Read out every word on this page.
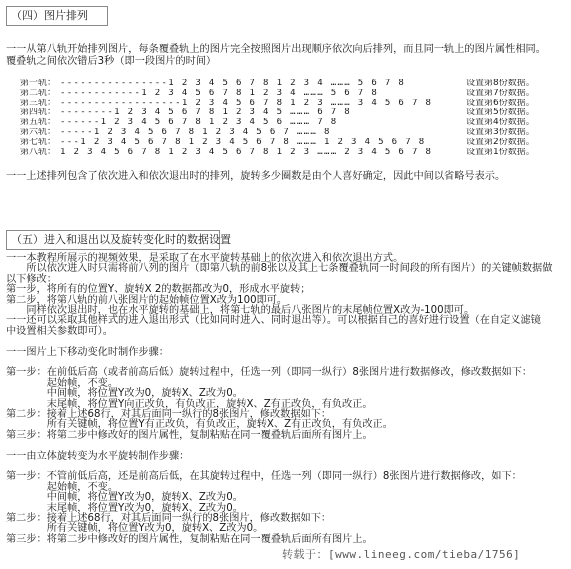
（四）图片排列
一一从第八轨开始排列图片，每条覆叠轨上的图片完全按照图片出现顺序依次向后排列，而且同一轨上的图片属性相同。
覆叠轨之间依次错后3秒（即一段图片的时间）
第一轨： ----------------1 2 3 4 5 6 7 8 1 2 3 4 ……… 5 6 7 8	设置第8份数据。
第二轨： ------------1 2 3 4 5 6 7 8 1 2 3 4 ……… 5 6 7 8	设置第7份数据。
第三轨： ------------------1 2 3 4 5 6 7 8 1 2 3 ……… 3 4 5 6 7 8	设置第6份数据。
第四轨： --------1 2 3 4 5 6 7 8 1 2 3 4 5 ……… 6 7 8	设置第5份数据。
第五轨： ------1 2 3 4 5 6 7 8 1 2 3 4 5 6 ……… 7 8	设置第4份数据。
第六轨： -----1 2 3 4 5 6 7 8 1 2 3 4 5 6 7 ……… 8	设置第3份数据。
第七轨： ---1 2 3 4 5 6 7 8 1 2 3 4 5 6 7 8 ……… 1 2 3 4 5 6 7 8	设置第2份数据。
第八轨： 1 2 3 4 5 6 7 8 1 2 3 4 5 6 7 8 1 2 3 ……… 2 3 4 5 6 7 8	设置第1份数据。
一一上述排列包含了依次进入和依次退出时的排列，旋转多少圈数是由个人喜好确定，因此中间以省略号表示。
（五）进入和退出以及旋转变化时的数据设置
一一本教程所展示的视频效果，是采取了在水平旋转基础上的依次进入和依次退出方式。
　　所以依次进入时只需将前八列的图片（即第八轨的前8张以及其上七条覆叠轨同一时间段的所有图片）的关键帧数据做
以下修改：
第一步，将所有的位置Y、旋转X 2的数据都改为0，形成水平旋转；
第二步，将第八轨的前八张图片的起始帧位置X改为100即可。
　　同样依次退出时，也在水平旋转的基础上，将第七轨的最后八张图片的末尾帧位置X改为-100即可。
一一还可以采取其他样式的进入退出形式（比如同时进入、同时退出等）。可以根据自己的喜好进行设置（在自定义滤镜
中设置相关参数即可）。
一一图片上下移动变化时制作步骤：
第一步：在前低后高（或者前高后低）旋转过程中，任选一列（即同一纵行）8张图片进行数据修改，修改数据如下：
　　　　起始帧，不变。
　　　　中间帧，将位置Y改为0，旋转X、Z改为0。
　　　　末尾帧，将位置Y向正改负，有负改正，旋转X、Z有正改负，有负改正。
第二步：接着上述68行，对其后面同一纵行的8张图片，修改数据如下：
　　　　所有关键帧，将位置Y有正改负，有负改正，旋转X、Z有正改负，有负改正。
第三步：将第二步中修改好的图片属性，复制粘贴在同一覆叠轨后面所有图片上。
一一由立体旋转变为水平旋转制作步骤：
第一步：不管前低后高，还是前高后低，在其旋转过程中，任选一列（即同一纵行）8张图片进行数据修改，如下：
　　　　起始帧，不变。
　　　　中间帧，将位置Y改为0，旋转X、Z改为0。
　　　　末尾帧，将位置Y改为0，旋转X、Z改为0。
第二步：接着上述68行，对其后面同一纵行的8张图片，修改数据如下：
　　　　所有关键帧，将位置Y改为0，旋转X、Z改为0。
第三步：将第二步中修改好的图片属性，复制粘贴在同一覆叠轨后面所有图片上。
转载于：[www.lineeg.com/tieba/1756]
